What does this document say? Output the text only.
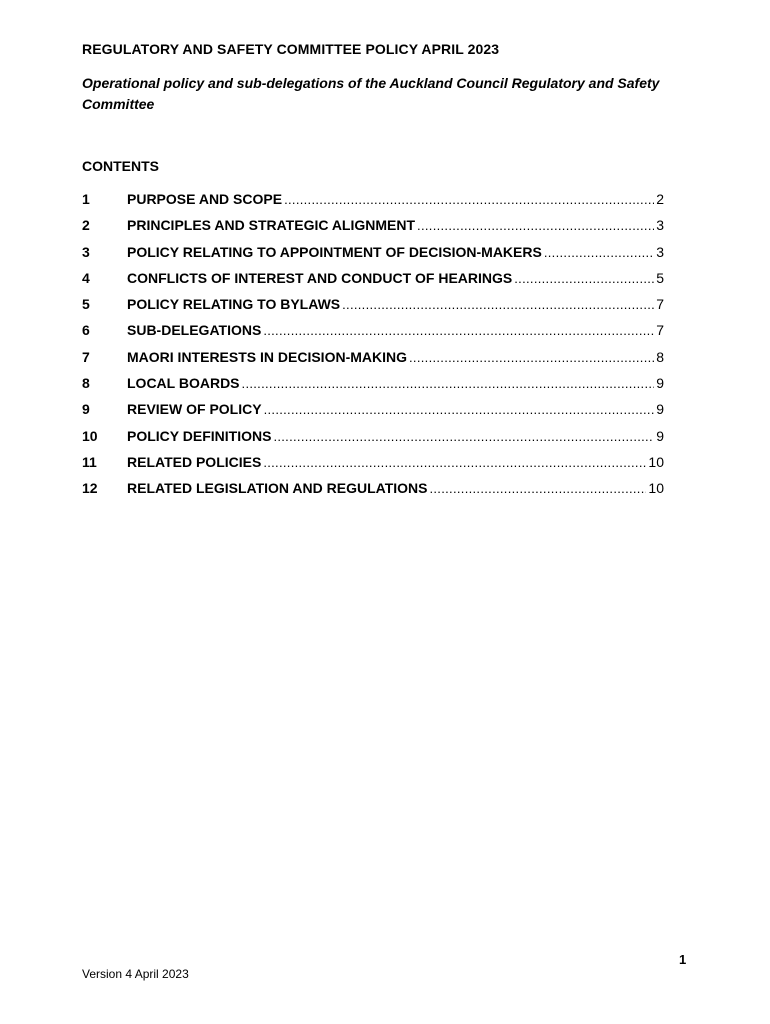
REGULATORY AND SAFETY COMMITTEE POLICY APRIL 2023
Operational policy and sub-delegations of the Auckland Council Regulatory and Safety Committee
CONTENTS
1	PURPOSE AND SCOPE .....	2
2	PRINCIPLES AND STRATEGIC ALIGNMENT .....	3
3	POLICY RELATING TO APPOINTMENT OF DECISION-MAKERS .....	3
4	CONFLICTS OF INTEREST AND CONDUCT OF HEARINGS .....	5
5	POLICY RELATING TO BYLAWS .....	7
6	SUB-DELEGATIONS .....	7
7	MAORI INTERESTS IN DECISION-MAKING .....	8
8	LOCAL BOARDS .....	9
9	REVIEW OF POLICY .....	9
10	POLICY DEFINITIONS .....	9
11	RELATED POLICIES .....	10
12	RELATED LEGISLATION AND REGULATIONS .....	10
1
Version 4 April 2023
